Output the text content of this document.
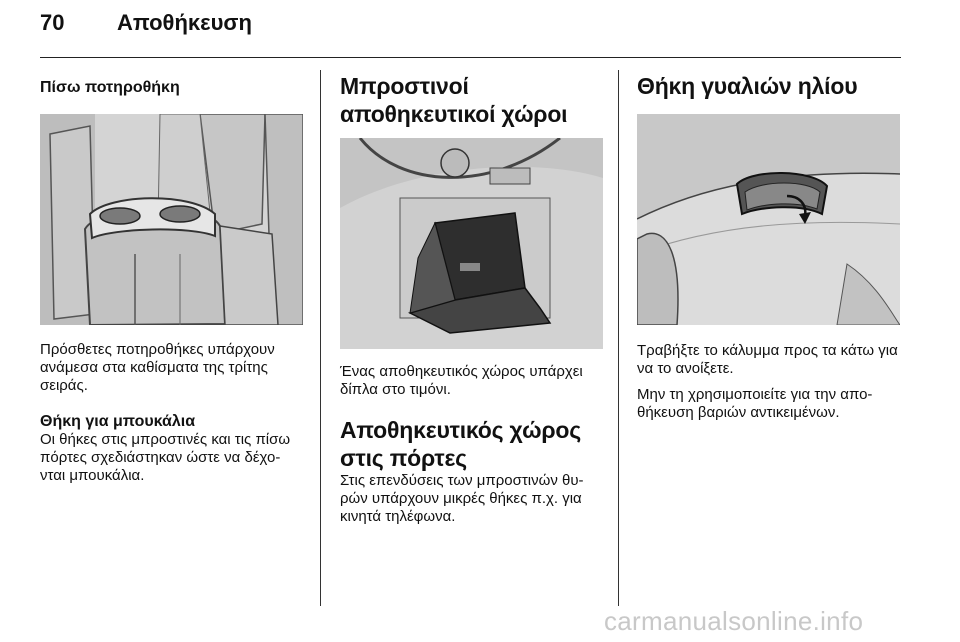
70 Αποθήκευση
Πίσω ποτηροθήκη

Πρόσθετες ποτηροθήκες υπάρχουν ανάμεσα στα καθίσματα της τρίτης σειράς.

Θήκη για μπουκάλια

Οι θήκες στις μπροστινές και τις πίσω πόρτες σχεδιάστηκαν ώστε να δέχο-νται μπουκάλια.

Μπροστινοί αποθηκευτικοί χώροι

Ένας αποθηκευτικός χώρος υπάρχει δίπλα στο τιμόνι.

Αποθηκευτικός χώρος στις πόρτες

Στις επενδύσεις των μπροστινών θυ-ρών υπάρχουν μικρές θήκες π.χ. για κινητά τηλέφωνα.

Θήκη γυαλιών ηλίου

Τραβήξτε το κάλυμμα προς τα κάτω για να το ανοίξετε.

Μην τη χρησιμοποιείτε για την απο-θήκευση βαριών αντικειμένων.

carmanualsonline.info
